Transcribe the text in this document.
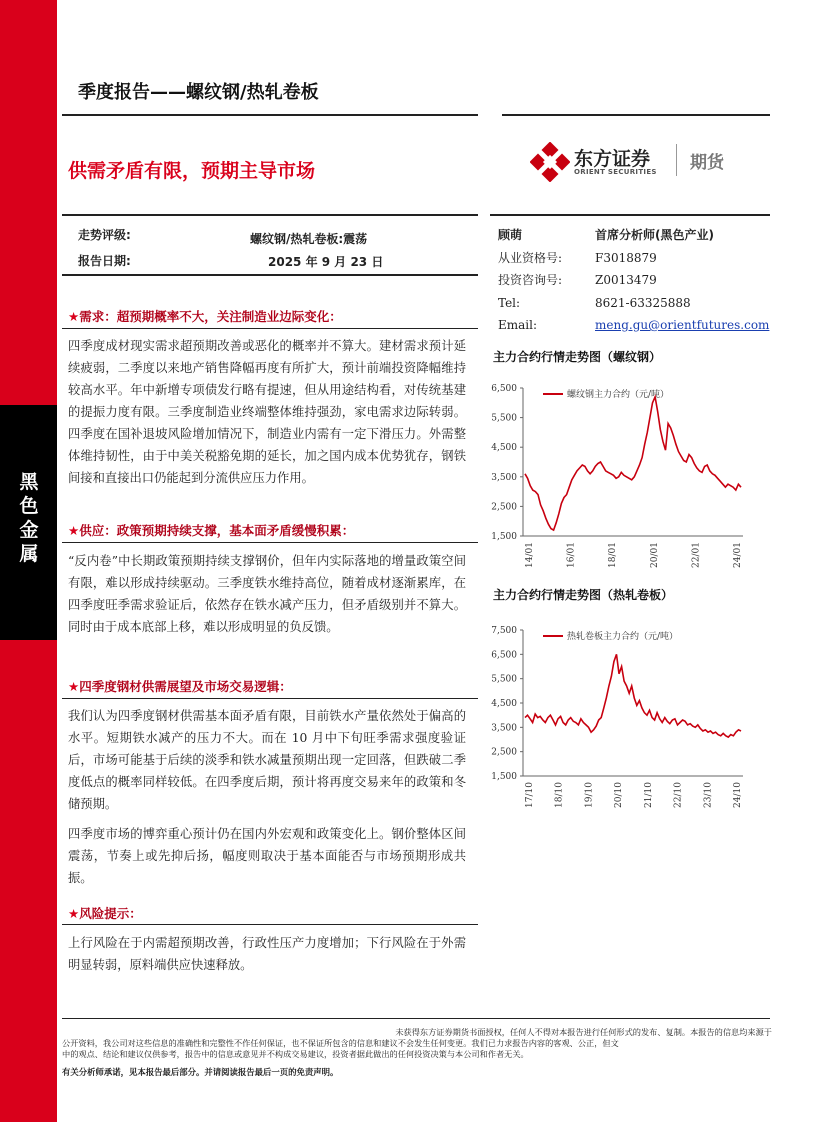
黑
色
金
属
季度报告——螺纹钢/热轧卷板
供需矛盾有限，预期主导市场
东方证券
ORIENT SECURITIES 期货
走势评级:	螺纹钢/热轧卷板:震荡
报告日期:	2025 年 9 月 23 日
顾萌	首席分析师(黑色产业)
从业资格号:	F3018879
投资咨询号:	Z0013479
Tel:	8621-63325888
Email:	meng.gu@orientfutures.com
★需求：超预期概率不大，关注制造业边际变化：
四季度成材现实需求超预期改善或恶化的概率并不算大。建材需求预计延续疲弱，二季度以来地产销售降幅再度有所扩大，预计前端投资降幅维持较高水平。年中新增专项债发行略有提速，但从用途结构看，对传统基建的提振力度有限。三季度制造业终端整体维持强劲，家电需求边际转弱。四季度在国补退坡风险增加情况下，制造业内需有一定下滑压力。外需整体维持韧性，由于中美关税豁免期的延长，加之国内成本优势犹存，钢铁间接和直接出口仍能起到分流供应压力作用。
★供应：政策预期持续支撑，基本面矛盾缓慢积累：
“反内卷”中长期政策预期持续支撑钢价，但年内实际落地的增量政策空间有限，难以形成持续驱动。三季度铁水维持高位，随着成材逐渐累库，在四季度旺季需求验证后，依然存在铁水减产压力，但矛盾级别并不算大。同时由于成本底部上移，难以形成明显的负反馈。
★四季度钢材供需展望及市场交易逻辑：
我们认为四季度钢材供需基本面矛盾有限，目前铁水产量依然处于偏高的水平。短期铁水减产的压力不大。而在 10 月中下旬旺季需求强度验证后，市场可能基于后续的淡季和铁水减量预期出现一定回落，但跌破二季度低点的概率同样较低。在四季度后期，预计将再度交易来年的政策和冬储预期。
四季度市场的博弈重心预计仍在国内外宏观和政策变化上。钢价整体区间震荡，节奏上或先抑后扬，幅度则取决于基本面能否与市场预期形成共振。
★风险提示：
上行风险在于内需超预期改善，行政性压产力度增加；下行风险在于外需明显转弱，原料端供应快速释放。
主力合约行情走势图（螺纹钢）
1,500
2,500
3,500
4,500
5,500
6,500
14/01	16/01	18/01	20/01	22/01	24/01
螺纹钢主力合约（元/吨）
主力合约行情走势图（热轧卷板）
1,500
2,500
3,500
4,500
5,500
6,500
7,500
17/10 18/10 19/10 20/10 21/10 22/10 23/10 24/10
热轧卷板主力合约（元/吨）
未获得东方证券期货书面授权，任何人不得对本报告进行任何形式的发布、复制。本报告的信息均来源于
公开资料，我公司对这些信息的准确性和完整性不作任何保证，也不保证所包含的信息和建议不会发生任何变更。我们已力求报告内容的客观、公正，但文
中的观点、结论和建议仅供参考，报告中的信息或意见并不构成交易建议，投资者据此做出的任何投资决策与本公司和作者无关。
有关分析师承诺，见本报告最后部分。并请阅读报告最后一页的免责声明。
